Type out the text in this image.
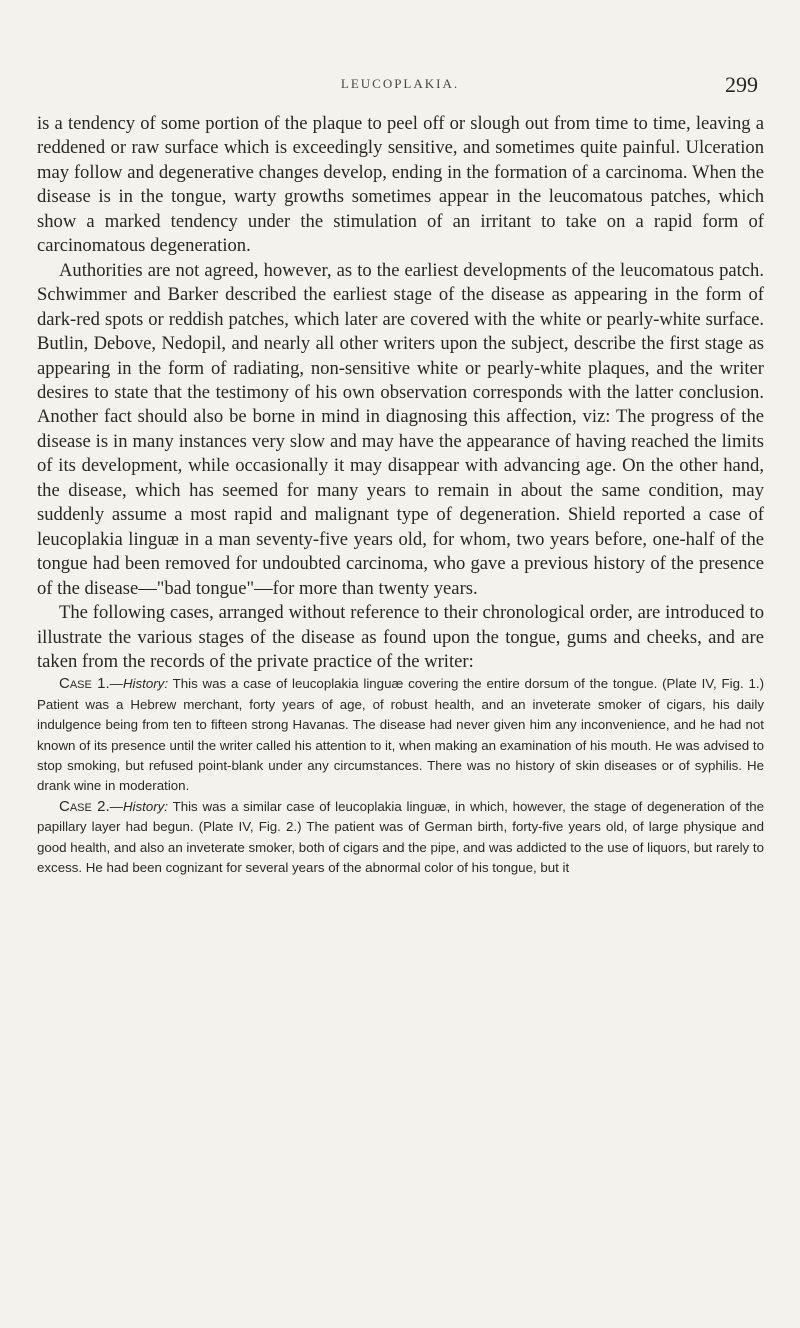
LEUCOPLAKIA.	299

is a tendency of some portion of the plaque to peel off or slough out from time to time, leaving a reddened or raw surface which is exceedingly sensitive, and sometimes quite painful. Ulceration may follow and degenerative changes develop, ending in the formation of a carcinoma. When the disease is in the tongue, warty growths sometimes appear in the leucomatous patches, which show a marked tendency under the stimulation of an irritant to take on a rapid form of carcinomatous degeneration.

Authorities are not agreed, however, as to the earliest developments of the leucomatous patch. Schwimmer and Barker described the earliest stage of the disease as appearing in the form of dark-red spots or reddish patches, which later are covered with the white or pearly-white surface. Butlin, Debove, Nedopil, and nearly all other writers upon the subject, describe the first stage as appearing in the form of radiating, non-sensitive white or pearly-white plaques, and the writer desires to state that the testimony of his own observation corresponds with the latter conclusion. Another fact should also be borne in mind in diagnosing this affection, viz: The progress of the disease is in many instances very slow and may have the appearance of having reached the limits of its development, while occasionally it may disappear with advancing age. On the other hand, the disease, which has seemed for many years to remain in about the same condition, may suddenly assume a most rapid and malignant type of degeneration. Shield reported a case of leucoplakia linguæ in a man seventy-five years old, for whom, two years before, one-half of the tongue had been removed for undoubted carcinoma, who gave a previous history of the presence of the disease—"bad tongue"—for more than twenty years.

The following cases, arranged without reference to their chronological order, are introduced to illustrate the various stages of the disease as found upon the tongue, gums and cheeks, and are taken from the records of the private practice of the writer:

Case 1.—History: This was a case of leucoplakia linguæ covering the entire dorsum of the tongue. (Plate IV, Fig. 1.) Patient was a Hebrew merchant, forty years of age, of robust health, and an inveterate smoker of cigars, his daily indulgence being from ten to fifteen strong Havanas. The disease had never given him any inconvenience, and he had not known of its presence until the writer called his attention to it, when making an examination of his mouth. He was advised to stop smoking, but refused point-blank under any circumstances. There was no history of skin diseases or of syphilis. He drank wine in moderation.

Case 2.—History: This was a similar case of leucoplakia linguæ, in which, however, the stage of degeneration of the papillary layer had begun. (Plate IV, Fig. 2.) The patient was of German birth, forty-five years old, of large physique and good health, and also an inveterate smoker, both of cigars and the pipe, and was addicted to the use of liquors, but rarely to excess. He had been cognizant for several years of the abnormal color of his tongue, but it
